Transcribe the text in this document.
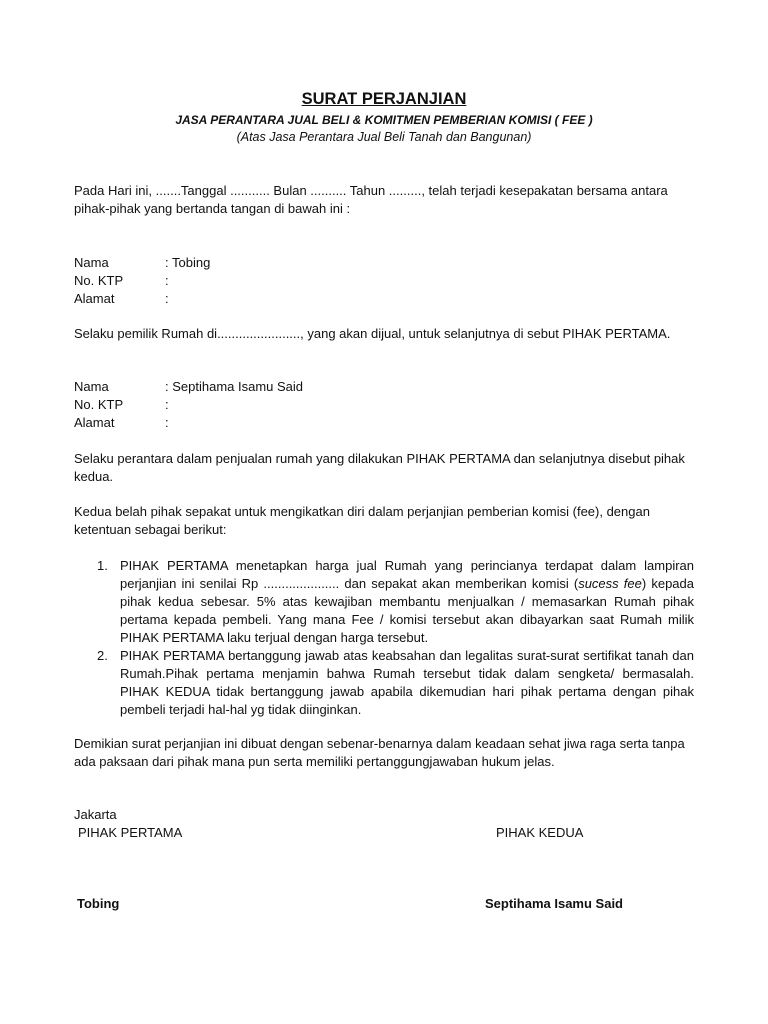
SURAT PERJANJIAN
JASA PERANTARA JUAL BELI & KOMITMEN PEMBERIAN KOMISI ( FEE )
(Atas Jasa Perantara Jual Beli Tanah dan Bangunan)
Pada Hari ini, .......Tanggal ........... Bulan .......... Tahun ........., telah terjadi kesepakatan bersama antara pihak-pihak yang bertanda tangan di bawah ini :
Nama	: Tobing
No. KTP	:
Alamat	:
Selaku pemilik Rumah di......................., yang akan dijual, untuk selanjutnya di sebut PIHAK PERTAMA.
Nama	: Septihama Isamu Said
No. KTP	:
Alamat	:
Selaku perantara dalam penjualan rumah yang dilakukan PIHAK PERTAMA dan selanjutnya disebut pihak kedua.
Kedua belah pihak sepakat untuk mengikatkan diri dalam perjanjian pemberian komisi (fee), dengan ketentuan sebagai berikut:
1. PIHAK PERTAMA menetapkan harga jual Rumah yang perincianya terdapat dalam lampiran perjanjian ini senilai Rp ..................... dan sepakat akan memberikan komisi (sucess fee) kepada pihak kedua sebesar. 5% atas kewajiban membantu menjualkan / memasarkan Rumah pihak pertama kepada pembeli. Yang mana Fee / komisi tersebut akan dibayarkan saat Rumah milik PIHAK PERTAMA laku terjual dengan harga tersebut.
2. PIHAK PERTAMA bertanggung jawab atas keabsahan dan legalitas surat-surat sertifikat tanah dan Rumah.Pihak pertama menjamin bahwa Rumah tersebut tidak dalam sengketa/ bermasalah. PIHAK KEDUA tidak bertanggung jawab apabila dikemudian hari pihak pertama dengan pihak pembeli terjadi hal-hal yg tidak diinginkan.
Demikian surat perjanjian ini dibuat dengan sebenar-benarnya dalam keadaan sehat jiwa raga serta tanpa ada paksaan dari pihak mana pun serta memiliki pertanggungjawaban hukum jelas.
Jakarta
PIHAK PERTAMA	PIHAK KEDUA
Tobing	Septihama Isamu Said
